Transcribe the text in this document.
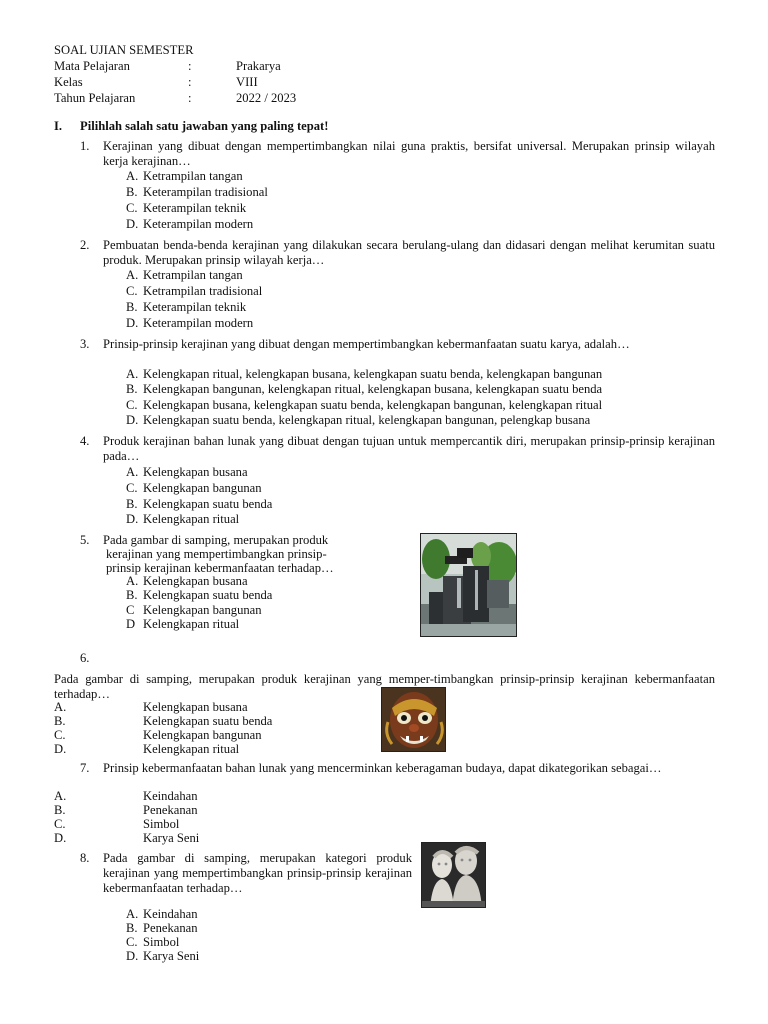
SOAL UJIAN SEMESTER
Mata Pelajaran	:	Prakarya
Kelas	:	VIII
Tahun Pelajaran	:	2022 / 2023
I. Pilihlah salah satu jawaban yang paling tepat!
1. Kerajinan yang dibuat dengan mempertimbangkan nilai guna praktis, bersifat universal. Merupakan prinsip wilayah kerja kerajinan…
A. Ketrampilan tangan
B. Keterampilan tradisional
C. Keterampilan teknik
D. Keterampilan modern
2. Pembuatan benda-benda kerajinan yang dilakukan secara berulang-ulang dan didasari dengan melihat kerumitan suatu produk. Merupakan prinsip wilayah kerja…
A. Ketrampilan tangan
C. Ketrampilan tradisional
B. Keterampilan teknik
D. Keterampilan modern
3. Prinsip-prinsip kerajinan yang dibuat dengan mempertimbangkan kebermanfaatan suatu karya, adalah…
A. Kelengkapan ritual, kelengkapan busana, kelengkapan suatu benda, kelengkapan bangunan
B. Kelengkapan bangunan, kelengkapan ritual, kelengkapan busana, kelengkapan suatu benda
C. Kelengkapan busana, kelengkapan suatu benda, kelengkapan bangunan, kelengkapan ritual
D. Kelengkapan suatu benda, kelengkapan ritual, kelengkapan bangunan, pelengkap busana
4. Produk kerajinan bahan lunak yang dibuat dengan tujuan untuk mempercantik diri, merupakan prinsip-prinsip kerajinan pada…
A. Kelengkapan busana
C. Kelengkapan bangunan
B. Kelengkapan suatu benda
D. Kelengkapan ritual
5. Pada gambar di samping, merupakan produk
kerajinan yang mempertimbangkan prinsip-
prinsip kerajinan kebermanfaatan terhadap…
A. Kelengkapan busana
B. Kelengkapan suatu benda
C Kelengkapan bangunan
D Kelengkapan ritual
6.
Pada gambar di samping, merupakan produk kerajinan yang memper-timbangkan prinsip-prinsip kerajinan kebermanfaatan terhadap…
A.	Kelengkapan busana
B.	Kelengkapan suatu benda
C.	Kelengkapan bangunan
D.	Kelengkapan ritual
7. Prinsip kebermanfaatan bahan lunak yang mencerminkan keberagaman budaya, dapat dikategorikan sebagai…
A.	Keindahan
B.	Penekanan
C.	Simbol
D.	Karya Seni
8. Pada gambar di samping, merupakan kategori produk kerajinan yang mempertimbangkan prinsip-prinsip kerajinan kebermanfaatan terhadap…
A. Keindahan
B. Penekanan
C. Simbol
D. Karya Seni
